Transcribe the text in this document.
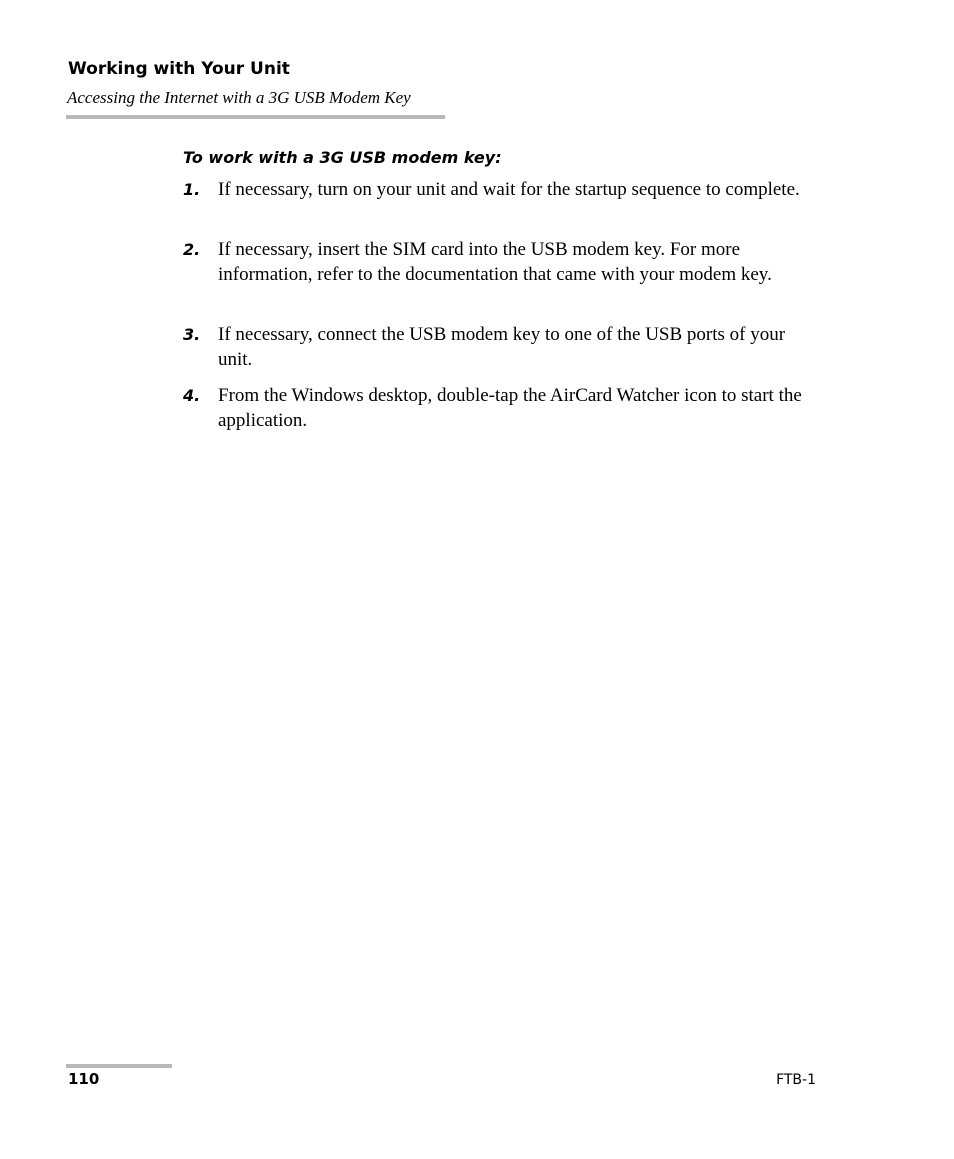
Working with Your Unit
Accessing the Internet with a 3G USB Modem Key
To work with a 3G USB modem key:
1. If necessary, turn on your unit and wait for the startup sequence to complete.
2. If necessary, insert the SIM card into the USB modem key. For more information, refer to the documentation that came with your modem key.
3. If necessary, connect the USB modem key to one of the USB ports of your unit.
4. From the Windows desktop, double-tap the AirCard Watcher icon to start the application.
110	FTB-1
